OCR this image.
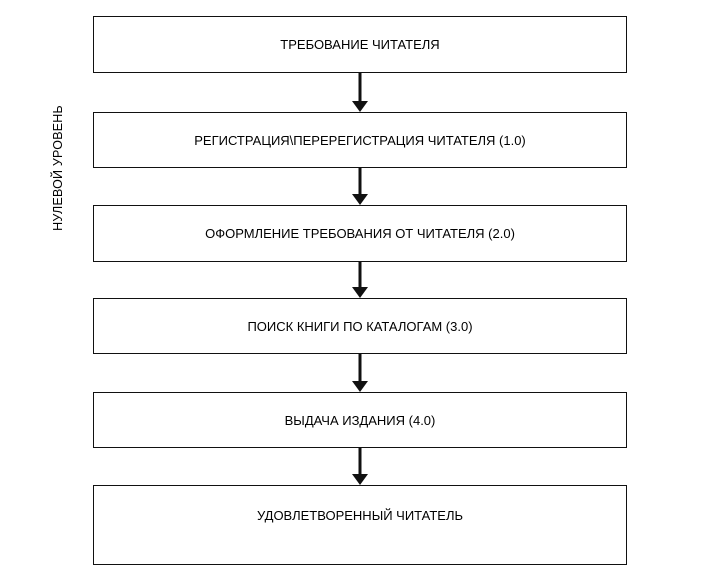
НУЛЕВОЙ УРОВЕНЬ
ТРЕБОВАНИЕ ЧИТАТЕЛЯ
РЕГИСТРАЦИЯ\ПЕРЕРЕГИСТРАЦИЯ ЧИТАТЕЛЯ (1.0)
ОФОРМЛЕНИЕ ТРЕБОВАНИЯ ОТ ЧИТАТЕЛЯ (2.0)
ПОИСК КНИГИ ПО КАТАЛОГАМ (3.0)
ВЫДАЧА ИЗДАНИЯ (4.0)
УДОВЛЕТВОРЕННЫЙ ЧИТАТЕЛЬ
